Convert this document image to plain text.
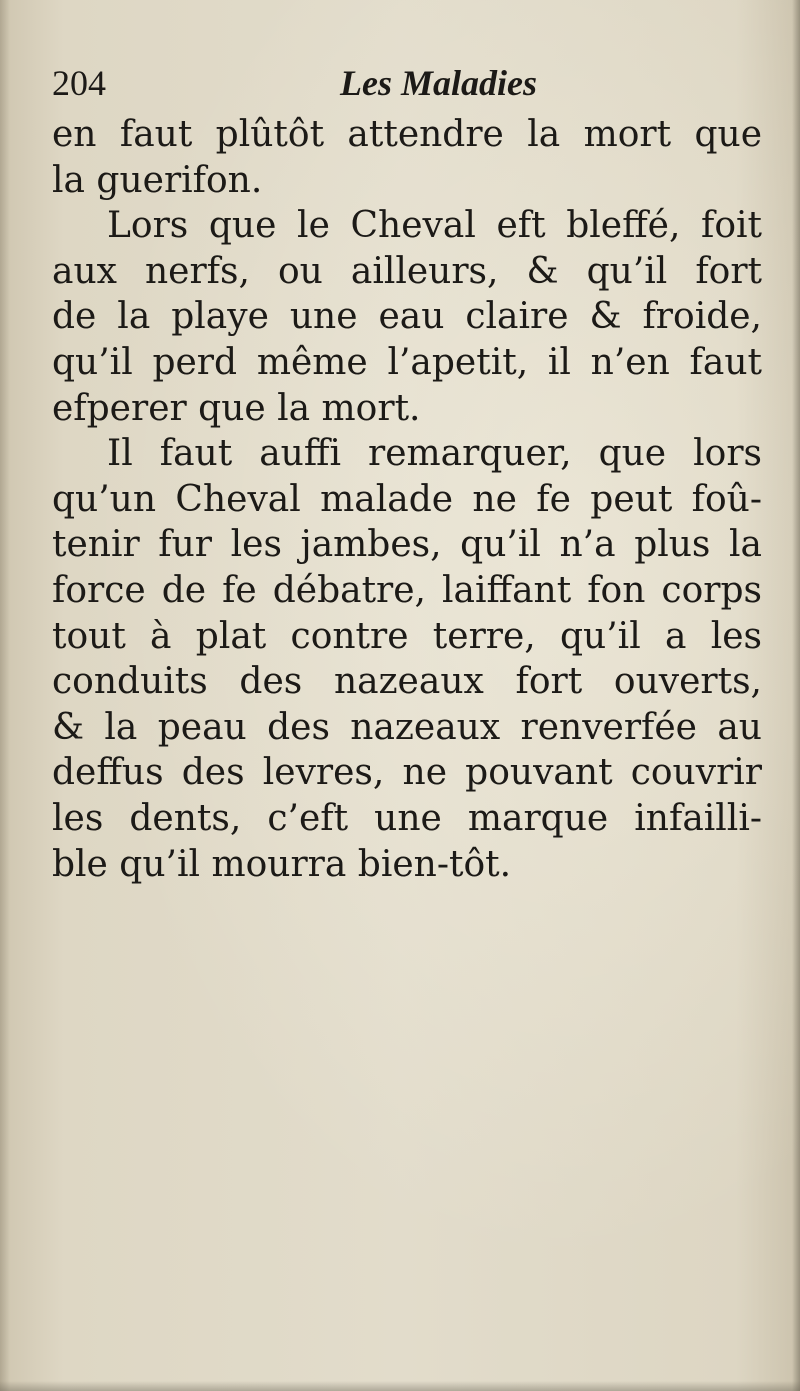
204	Les Maladies
en faut plûtôt attendre la mort que
la guerifon.
Lors que le Cheval eft bleffé, foit
aux nerfs, ou ailleurs, & qu’il fort
de la playe une eau claire & froide,
qu’il perd même l’apetit, il n’en faut
efperer que la mort.
Il faut auffi remarquer, que lors
qu’un Cheval malade ne fe peut foû-
tenir fur les jambes, qu’il n’a plus la
force de fe débatre, laiffant fon corps
tout à plat contre terre, qu’il a les
conduits des nazeaux fort ouverts,
& la peau des nazeaux renverfée au
deffus des levres, ne pouvant couvrir
les dents, c’eft une marque infailli-
ble qu’il mourra bien-tôt.
